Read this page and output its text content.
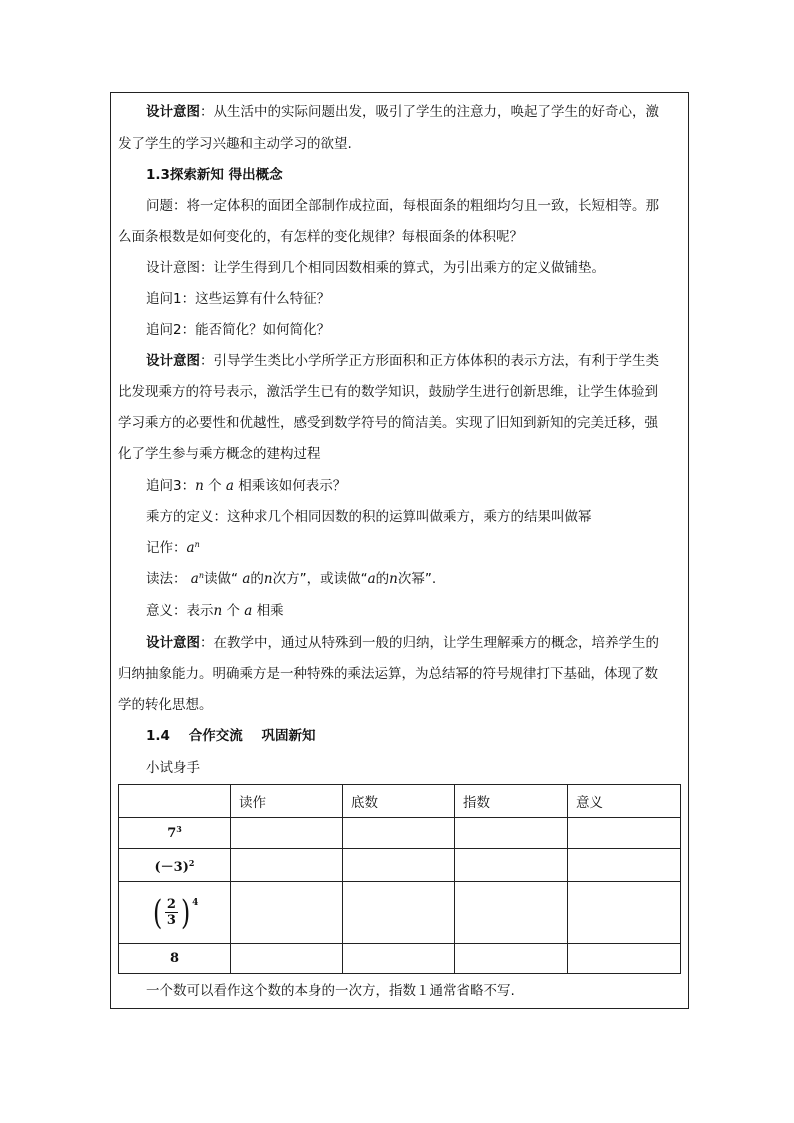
设计意图：从生活中的实际问题出发，吸引了学生的注意力，唤起了学生的好奇心，激
发了学生的学习兴趣和主动学习的欲望.
1.3探索新知 得出概念
问题：将一定体积的面团全部制作成拉面，每根面条的粗细均匀且一致，长短相等。那
么面条根数是如何变化的，有怎样的变化规律？每根面条的体积呢？
设计意图：让学生得到几个相同因数相乘的算式，为引出乘方的定义做铺垫。
追问1：这些运算有什么特征？
追问2：能否简化？如何简化？
设计意图：引导学生类比小学所学正方形面积和正方体体积的表示方法，有利于学生类
比发现乘方的符号表示，激活学生已有的数学知识，鼓励学生进行创新思维，让学生体验到
学习乘方的必要性和优越性，感受到数学符号的简洁美。实现了旧知到新知的完美迁移，强
化了学生参与乘方概念的建构过程
追问3：n 个 a 相乘该如何表示？
乘方的定义：这种求几个相同因数的积的运算叫做乘方，乘方的结果叫做幂
记作：$a^n$
读法： $a^n$读做“ a的n次方”，或读做“a的n次幂”.
意义：表示n 个 a 相乘
设计意图：在教学中，通过从特殊到一般的归纳，让学生理解乘方的概念，培养学生的
归纳抽象能力。明确乘方是一种特殊的乘法运算，为总结幂的符号规律打下基础，体现了数
学的转化思想。
1.4    合作交流    巩固新知
小试身手
	读作	底数	指数	意义
$7^3$				
$(-3)^2$				

( $\frac{2}{3}$ ) 4				

8				
一个数可以看作这个数的本身的一次方，指数１通常省略不写.
